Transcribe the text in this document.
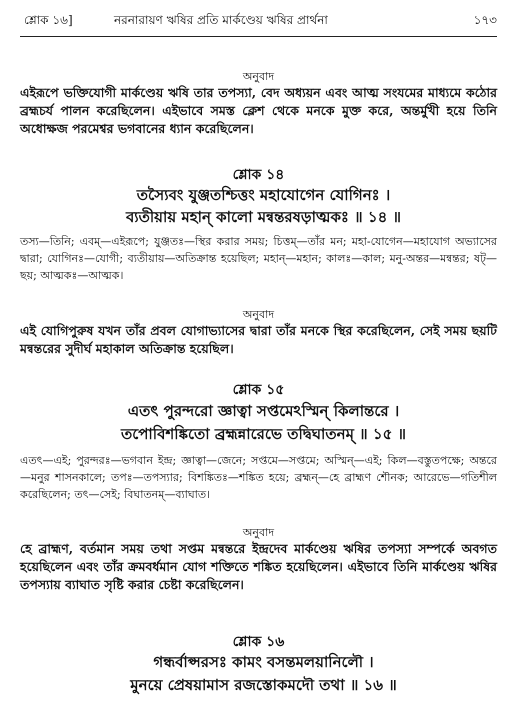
শ্লোক ১৬]	নরনারায়ণ ঋষির প্রতি মার্কণ্ডেয় ঋষির প্রার্থনা	১৭৩
অনুবাদ
এইরূপে ভক্তিযোগী মার্কণ্ডেয় ঋষি তার তপস্যা, বেদ অধ্যয়ন এবং আত্ম সংযমের মাধ্যমে কঠোর ব্রহ্মচর্য পালন করেছিলেন। এইভাবে সমস্ত ক্লেশ থেকে মনকে মুক্ত করে, অন্তর্মুখী হয়ে তিনি অধোক্ষজ পরমেশ্বর ভগবানের ধ্যান করেছিলেন।
শ্লোক ১৪
তস্যৈবং যুঞ্জতশ্চিত্তং মহাযোগেন যোগিনঃ ।
ব্যতীয়ায় মহান্ কালো মন্বন্তরষড়াত্মকঃ ॥ ১৪ ॥
তস্য—তিনি; এবম্—এইরূপে; যুঞ্জতঃ—স্থির করার সময়; চিত্তম্—তাঁর মন; মহা-যোগেন—মহাযোগ অভ্যাসের দ্বারা; যোগিনঃ—যোগী; ব্যতীয়ায়—অতিক্রান্ত হয়েছিল; মহান্—মহান; কালঃ—কাল; মনু-অন্তর—মন্বন্তর; ষট্—ছয়; আত্মকঃ—আত্মক।
অনুবাদ
এই যোগিপুরুষ যখন তাঁর প্রবল যোগাভ্যাসের দ্বারা তাঁর মনকে স্থির করেছিলেন, সেই সময় ছয়টি মন্বন্তরের সুদীর্ঘ মহাকাল অতিক্রান্ত হয়েছিল।
শ্লোক ১৫
এতৎ পুরন্দরো জ্ঞাত্বা সপ্তমেঽস্মিন্ কিলান্তরে ।
তপোবিশঙ্কিতো ব্রহ্মন্নারেভে তদ্বিঘাতনম্ ॥ ১৫ ॥
এতৎ—এই; পুরন্দরঃ—ভগবান ইন্দ্র; জ্ঞাত্বা—জেনে; সপ্তমে—সপ্তমে; অস্মিন্—এই; কিল—বস্তুতপক্ষে; অন্তরে—মনুর শাসনকালে; তপঃ—তপস্যার; বিশঙ্কিতঃ—শঙ্কিত হয়ে; ব্রহ্মন্—হে ব্রাহ্মণ শৌনক; আরেভে—গতিশীল করেছিলেন; তৎ—সেই; বিঘাতনম্—ব্যাঘাত।
অনুবাদ
হে ব্রাহ্মণ, বর্তমান সময় তথা সপ্তম মন্বন্তরে ইন্দ্রদেব মার্কণ্ডেয় ঋষির তপস্যা সম্পর্কে অবগত হয়েছিলেন এবং তাঁর ক্রমবর্ধমান যোগ শক্তিতে শঙ্কিত হয়েছিলেন। এইভাবে তিনি মার্কণ্ডেয় ঋষির তপস্যায় ব্যাঘাত সৃষ্টি করার চেষ্টা করেছিলেন।
শ্লোক ১৬
গন্ধর্বাপ্সরসঃ কামং বসন্তমলয়ানিলৌ ।
মুনয়ে প্রেষয়ামাস রজস্তোকমদৌ তথা ॥ ১৬ ॥
